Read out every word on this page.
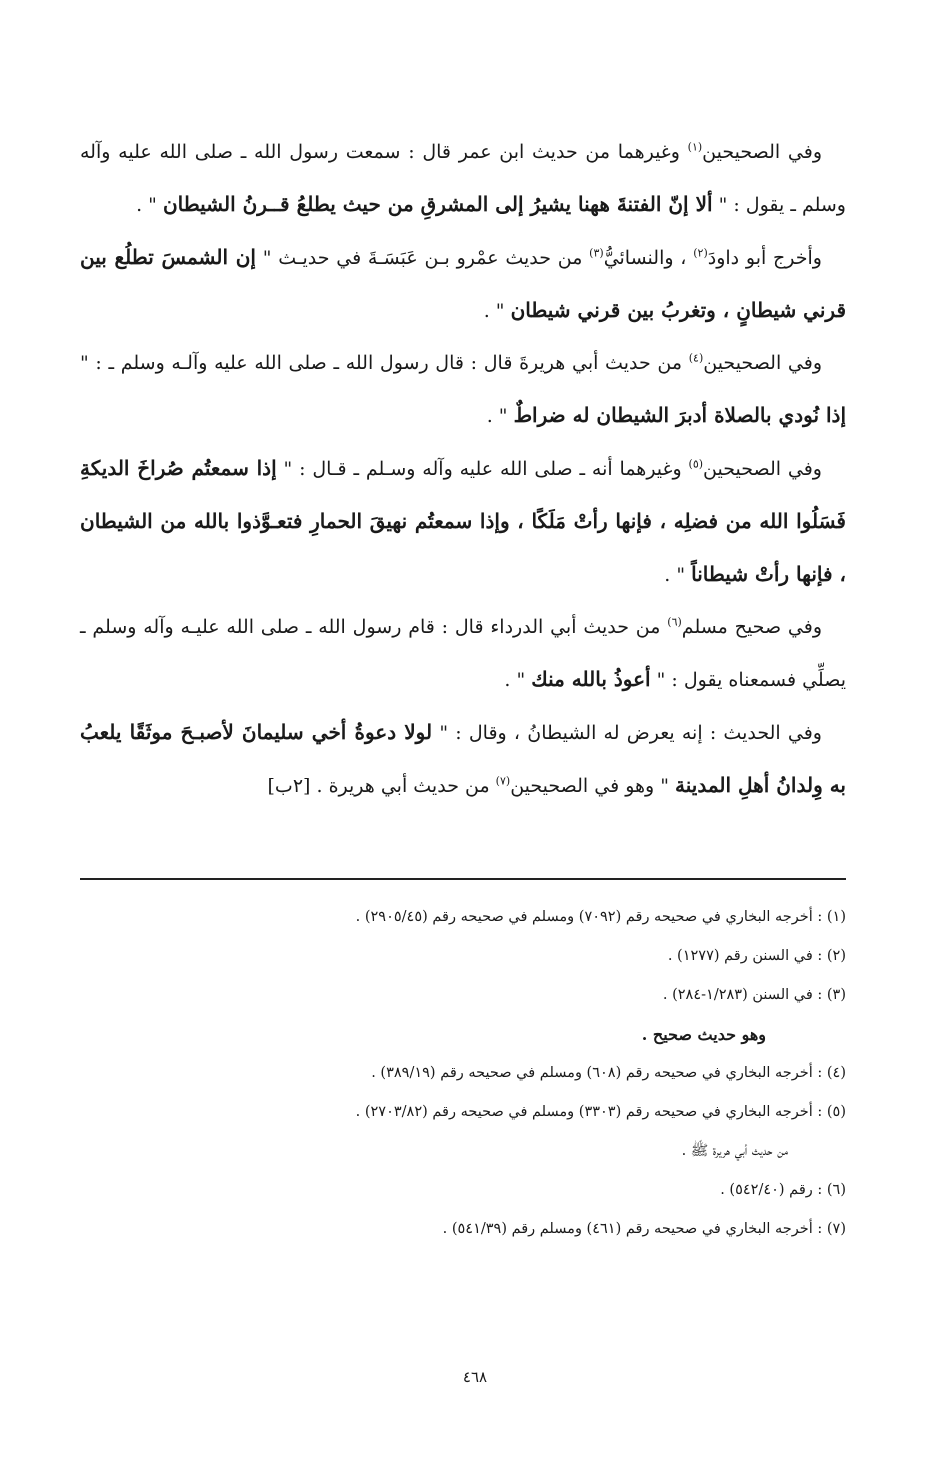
وفي الصحيحين$^{(١)}$ وغيرهما من حديث ابن عمر قال : سمعت رسول الله ـ صلى الله عليه وآله وسلم ـ يقول : " ألا إنّ الفتنةَ ههنا يشيرُ إلى المشرقِ من حيث يطلعُ قــرنُ الشيطان " .

وأخرج أبو داودَ$^{(٢)}$ ، والنسائيُّ$^{(٣)}$ من حديث عمْرو بـن عَبَسَـةَ في حديـث " إن الشمسَ تطلُع بين قرني شيطانٍ ، وتغربُ بين قرني شيطان " .

وفي الصحيحين$^{(٤)}$ من حديث أبي هريرةَ قال : قال رسول الله ـ صلى الله عليه وآلـه وسلم ـ : " إذا نُودي بالصلاة أدبرَ الشيطان له ضراطٌ " .

وفي الصحيحين$^{(٥)}$ وغيرهما أنه ـ صلى الله عليه وآله وسـلم ـ قـال : " إذا سمعتُم صُراخَ الديكةِ فَسَلُوا الله من فضلِه ، فإنها رأتْ مَلَكًا ، وإذا سمعتُم نهيقَ الحمارِ فتعـوَّذوا بالله من الشيطان ، فإنها رأتْ شيطاناً " .

وفي صحيح مسلم$^{(٦)}$ من حديث أبي الدرداء قال : قام رسول الله ـ صلى الله عليـه وآله وسلم ـ يصلِّي فسمعناه يقول : " أعوذُ بالله منك " .

وفي الحديث : إنه يعرض له الشيطانُ ، وقال : " لولا دعوةُ أخي سليمانَ لأصبـحَ موثَقًا يلعبُ به وِلدانُ أهلِ المدينة " وهو في الصحيحين$^{(٧)}$ من حديث أبي هريرة . [٢ب]

(١) : أخرجه البخاري في صحيحه رقم (٧٠٩٢) ومسلم في صحيحه رقم (٢٩٠٥/٤٥) .
(٢) : في السنن رقم (١٢٧٧) .
(٣) : في السنن (١/٢٨٣-٢٨٤) .
وهو حديث صحيح .
(٤) : أخرجه البخاري في صحيحه رقم (٦٠٨) ومسلم في صحيحه رقم (٣٨٩/١٩) .
(٥) : أخرجه البخاري في صحيحه رقم (٣٣٠٣) ومسلم في صحيحه رقم (٢٧٠٣/٨٢) .
من حديث أبي هريرة ﷺ .
(٦) : رقم (٥٤٢/٤٠) .
(٧) : أخرجه البخاري في صحيحه رقم (٤٦١) ومسلم رقم (٥٤١/٣٩) .
٤٦٨
